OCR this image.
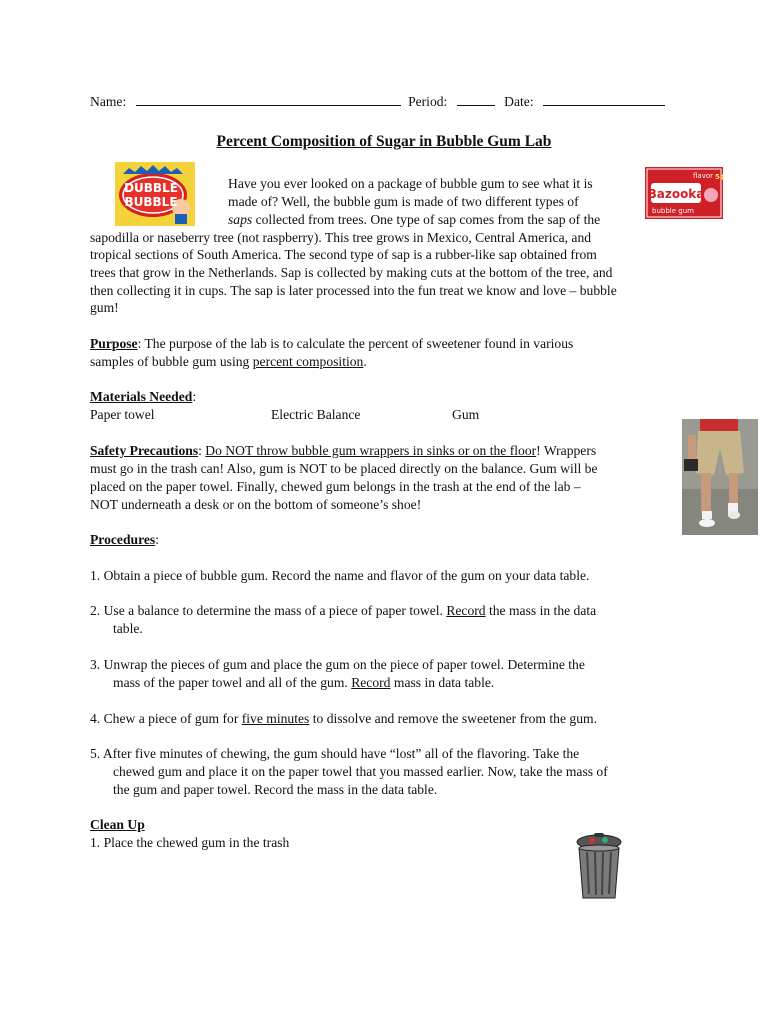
Name:	Period:	Date:
Percent Composition of Sugar in Bubble Gum Lab
DUBBLE
BUBBLE
flavor 5¢
Bazooka
bubble gum
Have you ever looked on a package of bubble gum to see what it is
made of? Well, the bubble gum is made of two different types of
saps collected from trees. One type of sap comes from the sap of the
sapodilla or naseberry tree (not raspberry). This tree grows in Mexico, Central America, and
tropical sections of South America. The second type of sap is a rubber-like sap obtained from
trees that grow in the Netherlands. Sap is collected by making cuts at the bottom of the tree, and
then collecting it in cups. The sap is later processed into the fun treat we know and love – bubble
gum!
Purpose: The purpose of the lab is to calculate the percent of sweetener found in various
samples of bubble gum using percent composition.
Materials Needed:
Paper towel	Electric Balance	Gum
Safety Precautions: Do NOT throw bubble gum wrappers in sinks or on the floor! Wrappers
must go in the trash can! Also, gum is NOT to be placed directly on the balance. Gum will be
placed on the paper towel. Finally, chewed gum belongs in the trash at the end of the lab –
NOT underneath a desk or on the bottom of someone’s shoe!
Procedures:
1. Obtain a piece of bubble gum. Record the name and flavor of the gum on your data table.
2. Use a balance to determine the mass of a piece of paper towel. Record the mass in the data
table.
3. Unwrap the pieces of gum and place the gum on the piece of paper towel. Determine the
mass of the paper towel and all of the gum. Record mass in data table.
4. Chew a piece of gum for five minutes to dissolve and remove the sweetener from the gum.
5. After five minutes of chewing, the gum should have “lost” all of the flavoring. Take the
chewed gum and place it on the paper towel that you massed earlier. Now, take the mass of
the gum and paper towel. Record the mass in the data table.
Clean Up
1. Place the chewed gum in the trash
